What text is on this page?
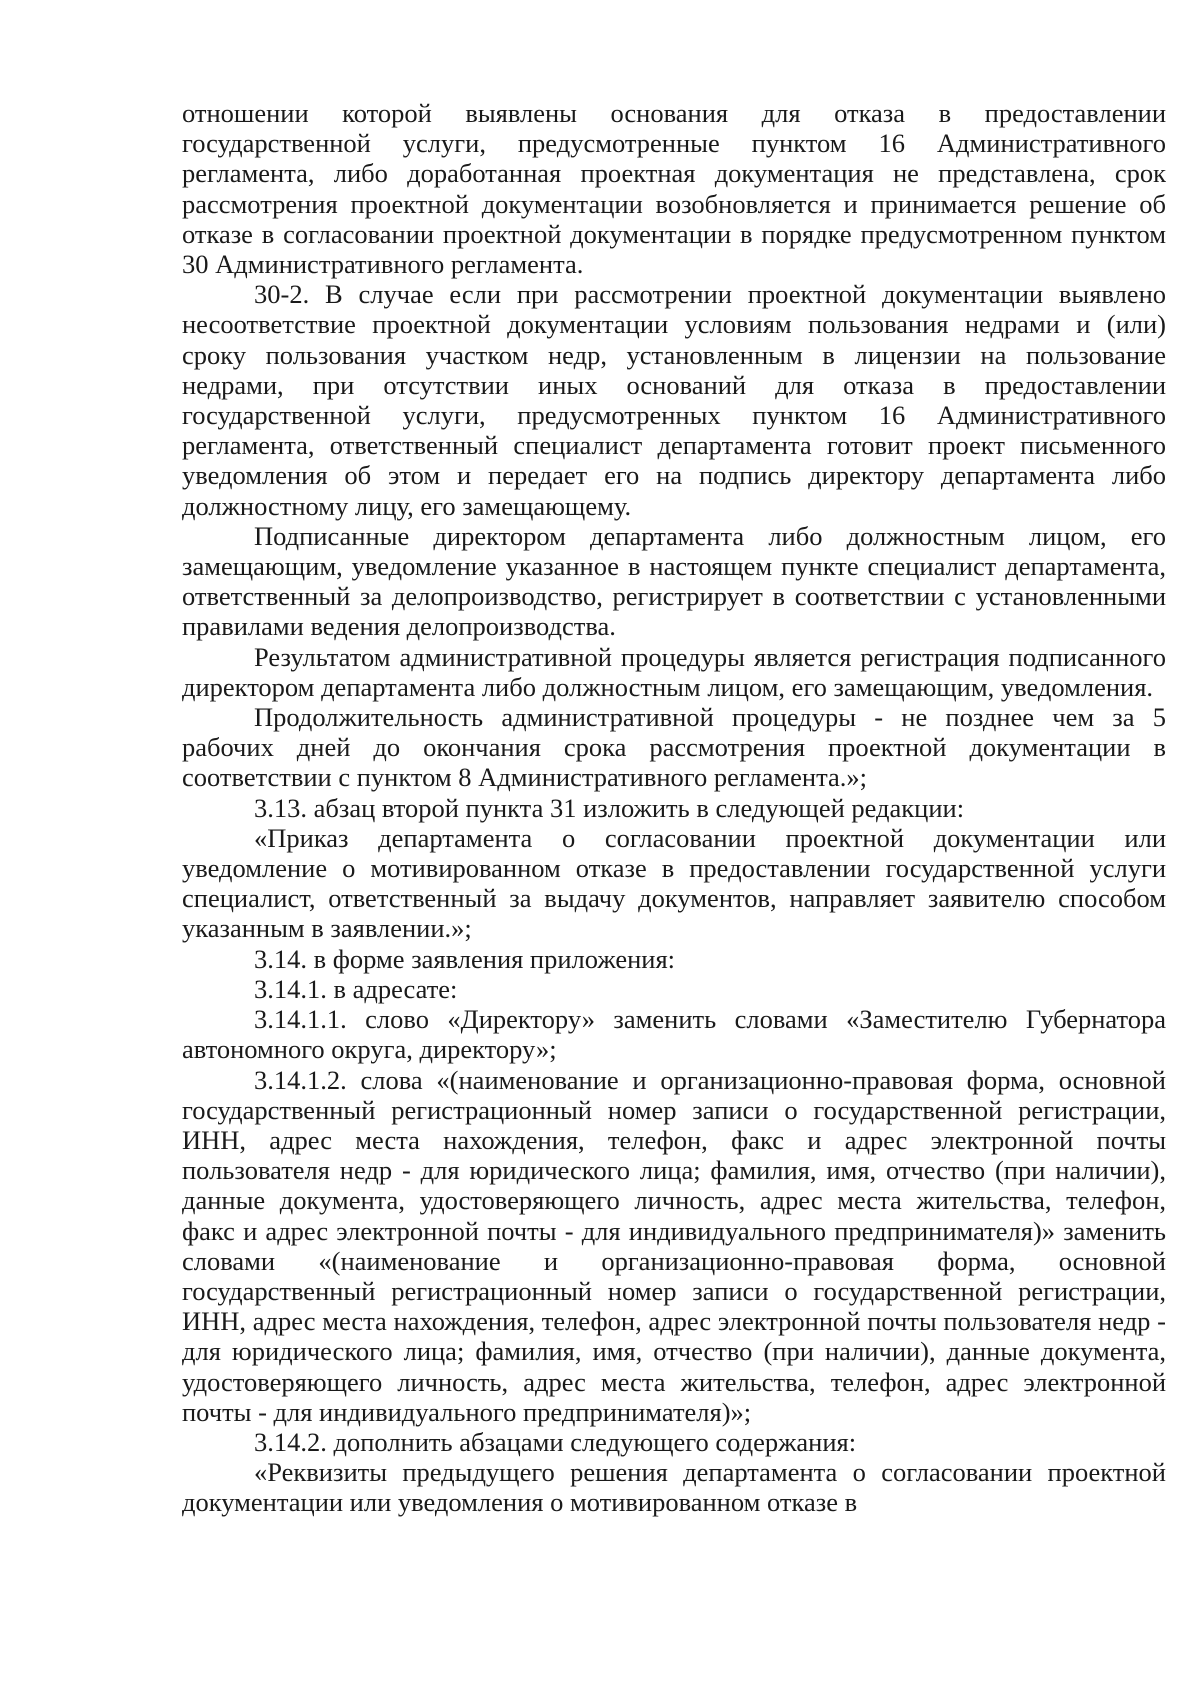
отношении которой выявлены основания для отказа в предоставлении государственной услуги, предусмотренные пунктом 16 Административного регламента, либо доработанная проектная документация не представлена, срок рассмотрения проектной документации возобновляется и принимается решение об отказе в согласовании проектной документации в порядке предусмотренном пунктом 30 Административного регламента.

30-2. В случае если при рассмотрении проектной документации выявлено несоответствие проектной документации условиям пользования недрами и (или) сроку пользования участком недр, установленным в лицензии на пользование недрами, при отсутствии иных оснований для отказа в предоставлении государственной услуги, предусмотренных пунктом 16 Административного регламента, ответственный специалист департамента готовит проект письменного уведомления об этом и передает его на подпись директору департамента либо должностному лицу, его замещающему.

Подписанные директором департамента либо должностным лицом, его замещающим, уведомление указанное в настоящем пункте специалист департамента, ответственный за делопроизводство, регистрирует в соответствии с установленными правилами ведения делопроизводства.

Результатом административной процедуры является регистрация подписанного директором департамента либо должностным лицом, его замещающим, уведомления.

Продолжительность административной процедуры - не позднее чем за 5 рабочих дней до окончания срока рассмотрения проектной документации в соответствии с пунктом 8 Административного регламента.»;

3.13. абзац второй пункта 31 изложить в следующей редакции:

«Приказ департамента о согласовании проектной документации или уведомление о мотивированном отказе в предоставлении государственной услуги специалист, ответственный за выдачу документов, направляет заявителю способом указанным в заявлении.»;

3.14. в форме заявления приложения:

3.14.1. в адресате:

3.14.1.1. слово «Директору» заменить словами «Заместителю Губернатора автономного округа, директору»;

3.14.1.2. слова «(наименование и организационно-правовая форма, основной государственный регистрационный номер записи о государственной регистрации, ИНН, адрес места нахождения, телефон, факс и адрес электронной почты пользователя недр - для юридического лица; фамилия, имя, отчество (при наличии), данные документа, удостоверяющего личность, адрес места жительства, телефон, факс и адрес электронной почты - для индивидуального предпринимателя)» заменить словами «(наименование и организационно-правовая форма, основной государственный регистрационный номер записи о государственной регистрации, ИНН, адрес места нахождения, телефон, адрес электронной почты пользователя недр - для юридического лица; фамилия, имя, отчество (при наличии), данные документа, удостоверяющего личность, адрес места жительства, телефон, адрес электронной почты - для индивидуального предпринимателя)»;

3.14.2. дополнить абзацами следующего содержания:

«Реквизиты предыдущего решения департамента о согласовании проектной документации или уведомления о мотивированном отказе в
